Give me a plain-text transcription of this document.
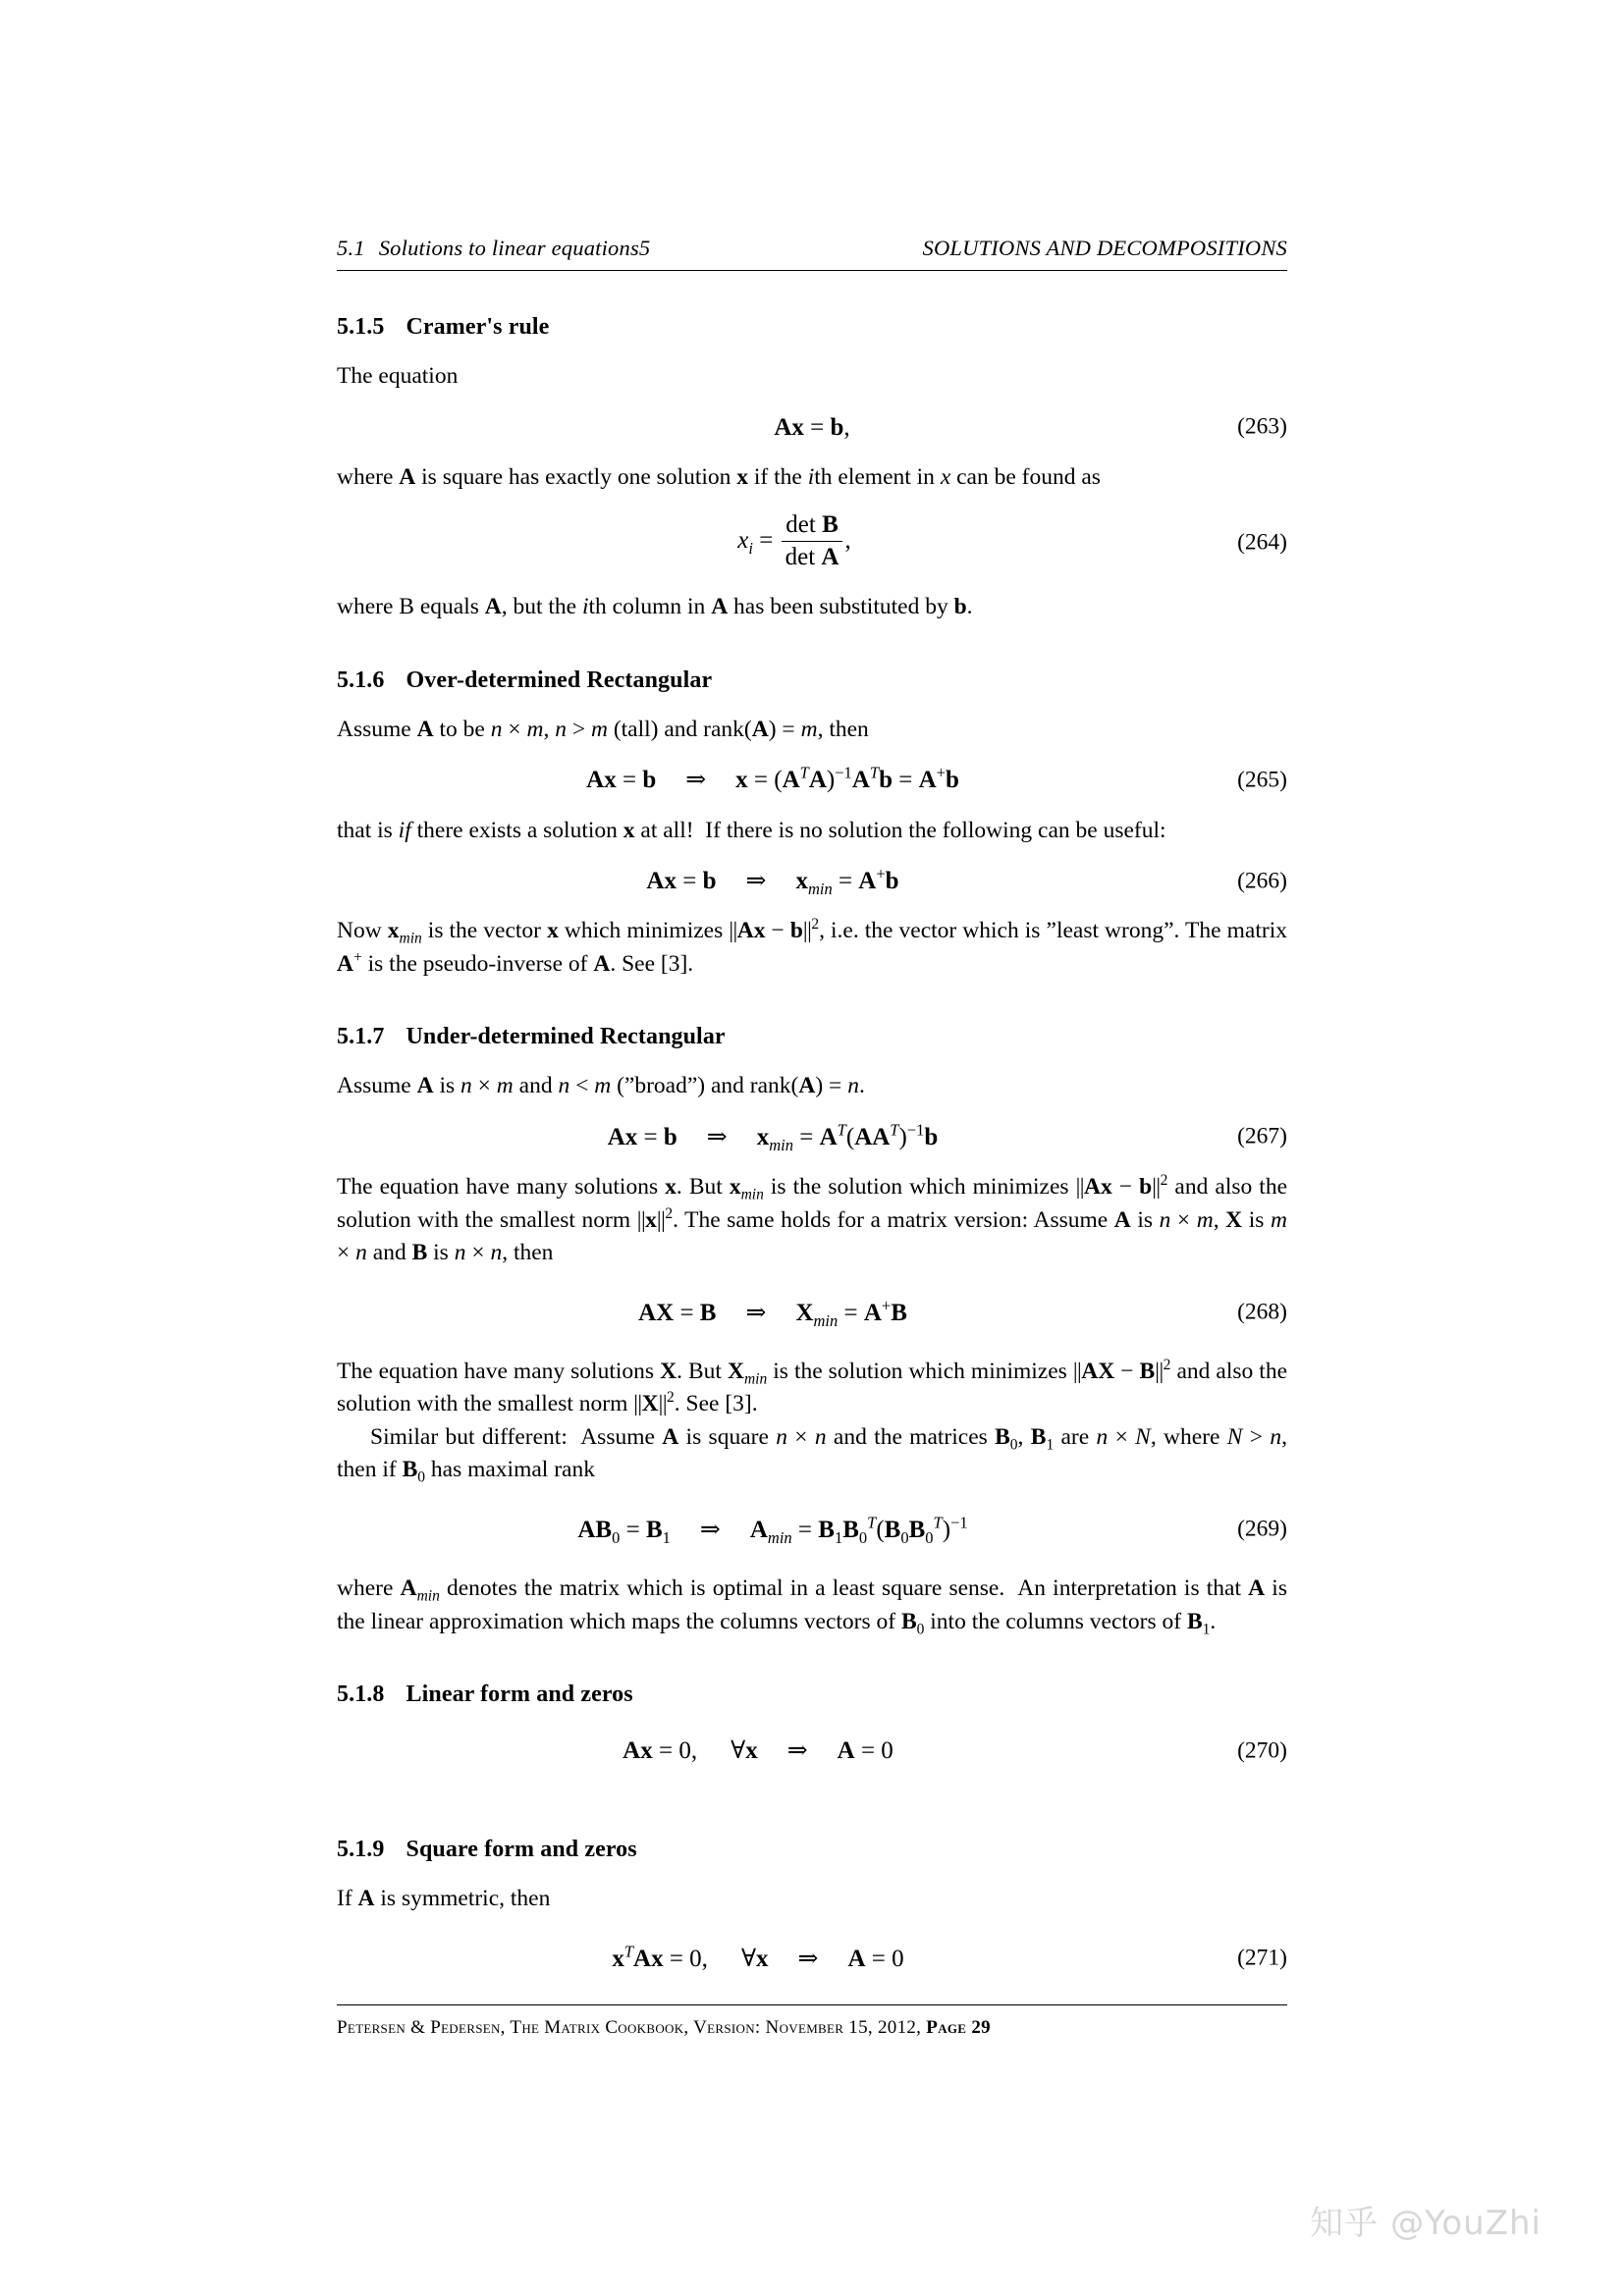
5.1 Solutions to linear equations5	SOLUTIONS AND DECOMPOSITIONS
5.1.5 Cramer's rule

The equation

Ax = b,	(263)

where A is square has exactly one solution x if the ith element in x can be found as

$x_i = \frac{\text{det B}}{\text{det A}}$ ,	(264)

where B equals A, but the ith column in A has been substituted by b.

5.1.6 Over-determined Rectangular

Assume A to be n × m, n > m (tall) and rank(A) = m, then

Ax = b ⇒ $x = (A^TA)^{-1}A^Tb = A^+b$	(265)

that is if there exists a solution x at all!  If there is no solution the following can be useful:

Ax = b ⇒ $x_{min} = A^+b$	(266)

Now $x_{min}$ is the vector x which minimizes $||Ax - b||^2$, i.e. the vector which is ”least wrong”. The matrix A+ is the pseudo-inverse of A. See [3].

5.1.7 Under-determined Rectangular

Assume A is n × m and n < m (”broad”) and rank(A) = n.

Ax = b ⇒ $x_{min} = A^T(AA^T)^{-1}b$	(267)

The equation have many solutions x. But $x_{min}$ is the solution which minimizes $||Ax - b||^2$ and also the solution with the smallest norm $||x||^2$. The same holds for a matrix version: Assume A is n × m, X is m × n and B is n × n, then

AX = B ⇒ $X_{min} = A^+B$	(268)

The equation have many solutions X. But $X_{min}$ is the solution which minimizes $||AX - B||^2$ and also the solution with the smallest norm $||X||^2$. See [3].

Similar but different:  Assume A is square n × n and the matrices $B_0$, $B_1$ are n × N, where N > n, then if $B_0$ has maximal rank

$AB_0 = B_1$ ⇒ $A_{min} = B_1B_0^T(B_0B_0^T)^{-1}$	(269)

where $A_{min}$ denotes the matrix which is optimal in a least square sense.  An interpretation is that A is the linear approximation which maps the columns vectors of $B_0$ into the columns vectors of $B_1$.

5.1.8 Linear form and zeros
Ax = 0, ∀x ⇒ A = 0	(270)
5.1.9 Square form and zeros

If A is symmetric, then

$x^TAx = 0$, ∀x ⇒ A = 0	(271)
Petersen & Pedersen, The Matrix Cookbook, Version: November 15, 2012, Page 29
知乎 @YouZhi
